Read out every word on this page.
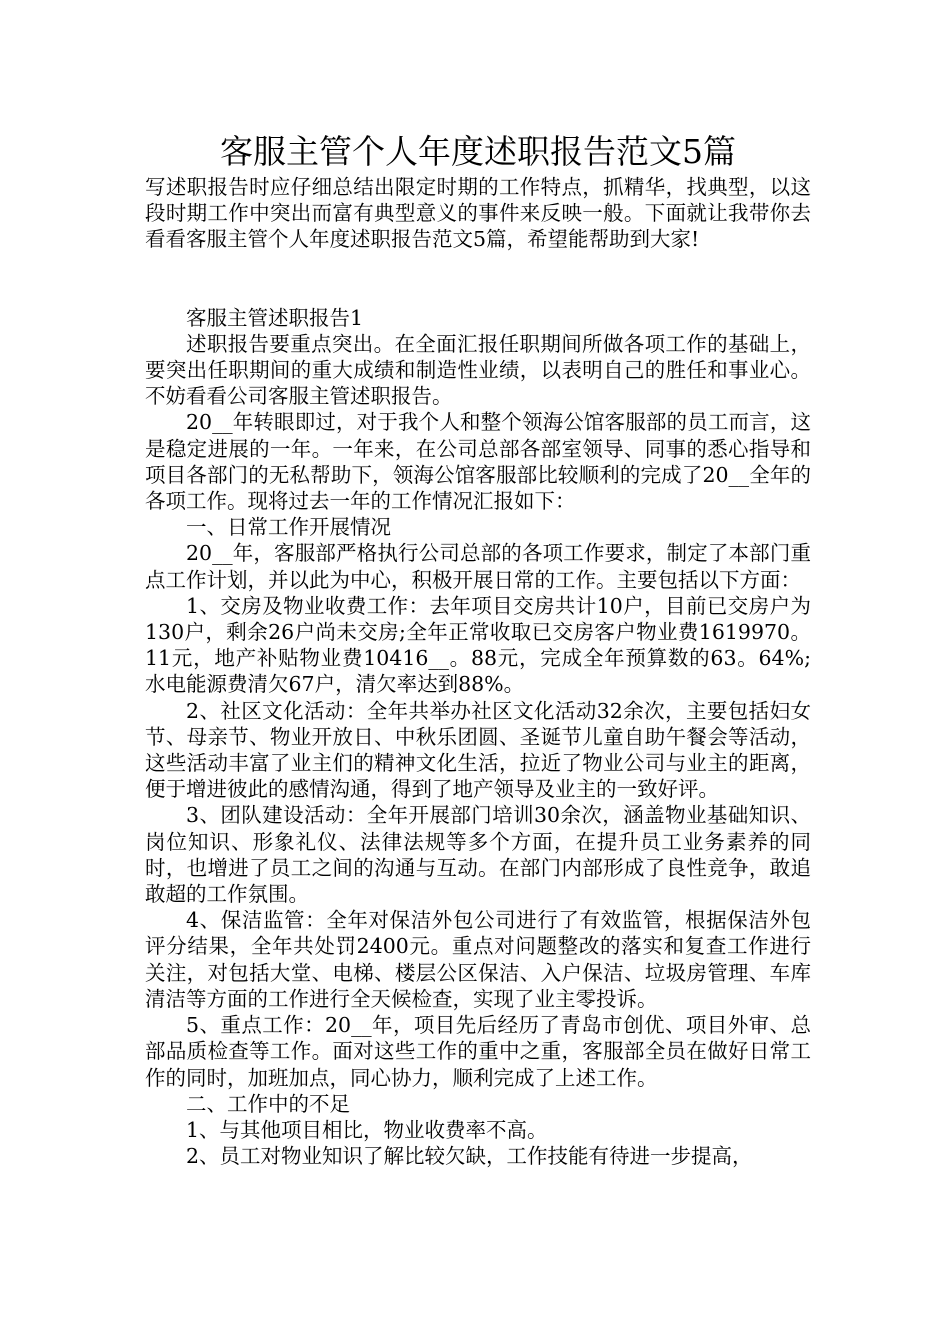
客服主管个人年度述职报告范文5篇

写述职报告时应仔细总结出限定时期的工作特点，抓精华，找典型，以这段时期工作中突出而富有典型意义的事件来反映一般。下面就让我带你去看看客服主管个人年度述职报告范文5篇，希望能帮助到大家!

客服主管述职报告1

述职报告要重点突出。在全面汇报任职期间所做各项工作的基础上，要突出任职期间的重大成绩和制造性业绩，以表明自己的胜任和事业心。不妨看看公司客服主管述职报告。

20__年转眼即过，对于我个人和整个领海公馆客服部的员工而言，这是稳定进展的一年。一年来，在公司总部各部室领导、同事的悉心指导和项目各部门的无私帮助下，领海公馆客服部比较顺利的完成了20__全年的各项工作。现将过去一年的工作情况汇报如下：

一、日常工作开展情况

20__年，客服部严格执行公司总部的各项工作要求，制定了本部门重点工作计划，并以此为中心，积极开展日常的工作。主要包括以下方面：

1、交房及物业收费工作：去年项目交房共计10户，目前已交房户为130户，剩余26户尚未交房;全年正常收取已交房客户物业费1619970。11元，地产补贴物业费10416__。88元，完成全年预算数的63。64%;水电能源费清欠67户，清欠率达到88%。

2、社区文化活动：全年共举办社区文化活动32余次，主要包括妇女节、母亲节、物业开放日、中秋乐团圆、圣诞节儿童自助午餐会等活动，这些活动丰富了业主们的精神文化生活，拉近了物业公司与业主的距离，便于增进彼此的感情沟通，得到了地产领导及业主的一致好评。

3、团队建设活动：全年开展部门培训30余次，涵盖物业基础知识、岗位知识、形象礼仪、法律法规等多个方面，在提升员工业务素养的同时，也增进了员工之间的沟通与互动。在部门内部形成了良性竞争，敢追敢超的工作氛围。

4、保洁监管：全年对保洁外包公司进行了有效监管，根据保洁外包评分结果，全年共处罚2400元。重点对问题整改的落实和复查工作进行关注，对包括大堂、电梯、楼层公区保洁、入户保洁、垃圾房管理、车库清洁等方面的工作进行全天候检查，实现了业主零投诉。

5、重点工作：20__年，项目先后经历了青岛市创优、项目外审、总部品质检查等工作。面对这些工作的重中之重，客服部全员在做好日常工作的同时，加班加点，同心协力，顺利完成了上述工作。

二、工作中的不足

1、与其他项目相比，物业收费率不高。

2、员工对物业知识了解比较欠缺，工作技能有待进一步提高，
